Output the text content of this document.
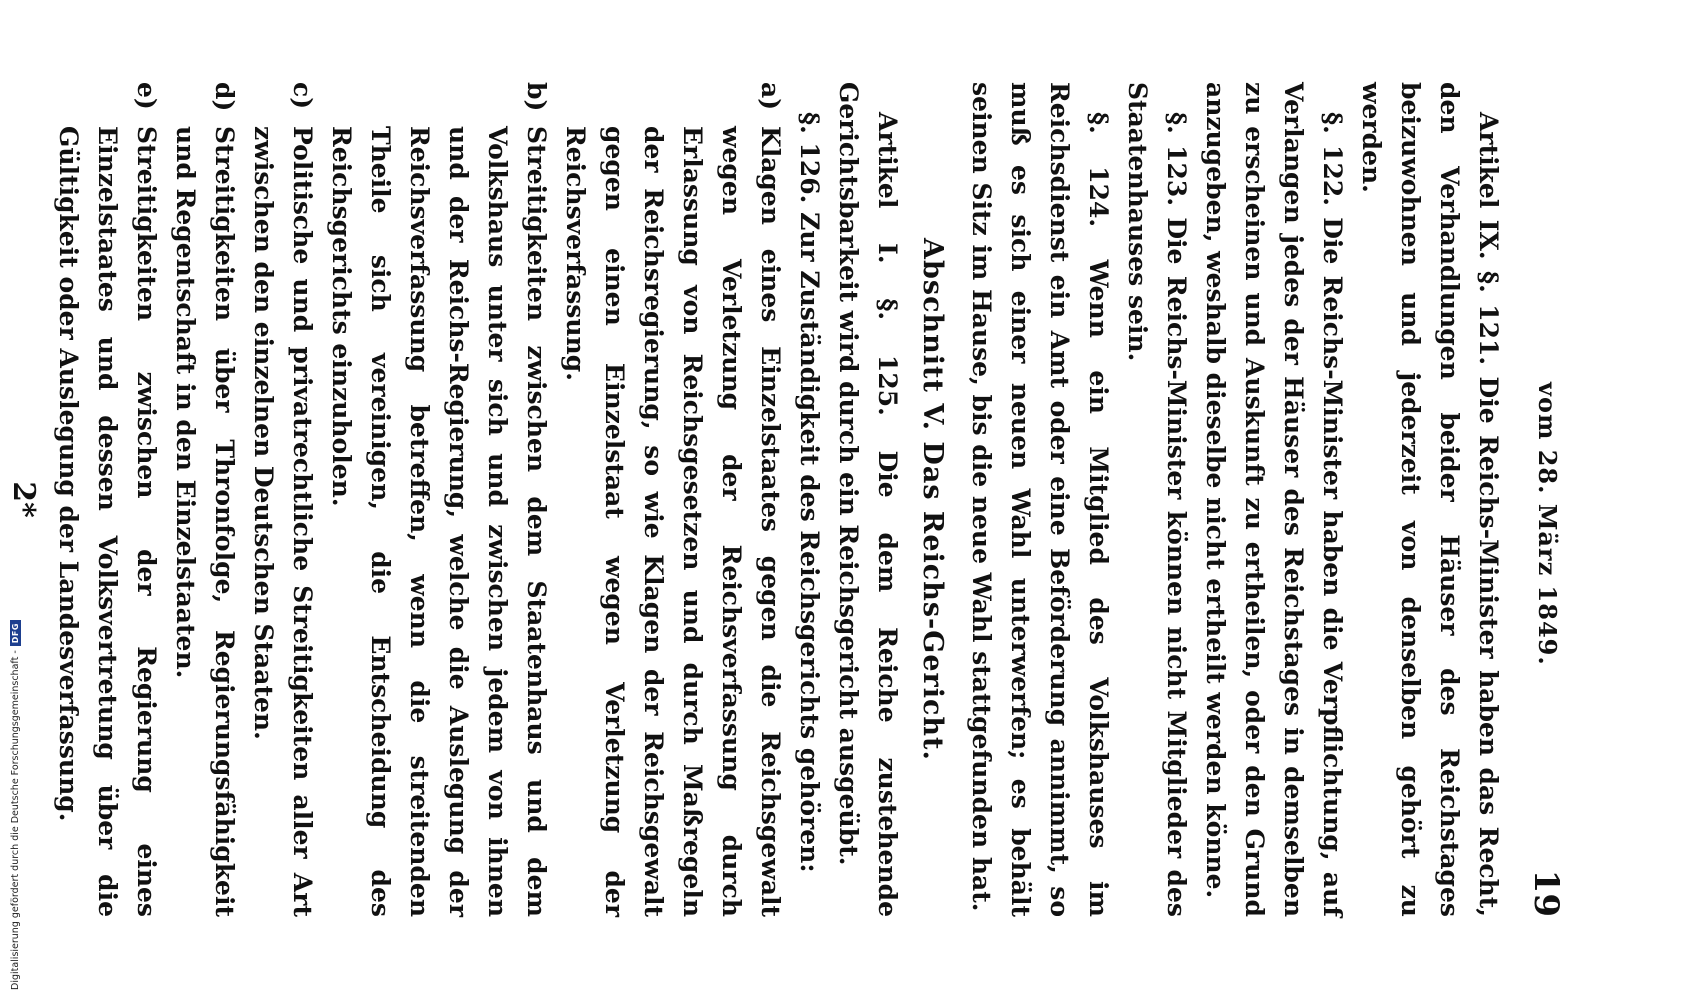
Digitalisierung gefördert durch die Deutsche Forschungsgemeinschaft -
DFG	vom 28. März 1849.
19

Artikel IX. §. 121. Die Reichs-Minister haben das Recht, den Verhandlungen beider Häuser des Reichstages beizuwohnen und jederzeit von denselben gehört zu werden.

§. 122. Die Reichs-Minister haben die Verpflichtung, auf Verlangen jedes der Häuser des Reichstages in demselben zu erscheinen und Auskunft zu ertheilen, oder den Grund anzugeben, weshalb dieselbe nicht ertheilt werden könne.

§. 123. Die Reichs-Minister können nicht Mitglieder des Staatenhauses sein.

§. 124. Wenn ein Mitglied des Volkshauses im Reichsdienst ein Amt oder eine Beförderung annimmt, so muß es sich einer neuen Wahl unterwerfen; es behält seinen Sitz im Hause, bis die neue Wahl stattgefunden hat.

Abschnitt V. Das Reichs-Gericht.

Artikel I. §. 125. Die dem Reiche zustehende Gerichtsbarkeit wird durch ein Reichsgericht ausgeübt.

§. 126. Zur Zuständigkeit des Reichsgerichts gehören:

a)
Klagen eines Einzelstaates gegen die Reichsgewalt wegen Verletzung der Reichsverfassung durch Erlassung von Reichsgesetzen und durch Maßregeln der Reichsregierung, so wie Klagen der Reichsgewalt gegen einen Einzelstaat wegen Verletzung der Reichsverfassung.
b)
Streitigkeiten zwischen dem Staatenhaus und dem Volkshaus unter sich und zwischen jedem von ihnen und der Reichs-Regierung, welche die Auslegung der Reichsverfassung betreffen, wenn die streitenden Theile sich vereinigen, die Entscheidung des Reichsgerichts einzuholen.
c)
Politische und privatrechtliche Streitigkeiten aller Art zwischen den einzelnen Deutschen Staaten.
d)
Streitigkeiten über Thronfolge, Regierungsfähigkeit und Regentschaft in den Einzelstaaten.
e)
Streitigkeiten zwischen der Regierung eines Einzelstaates und dessen Volksvertretung über die Gültigkeit oder Auslegung der Landesverfassung.
2*
